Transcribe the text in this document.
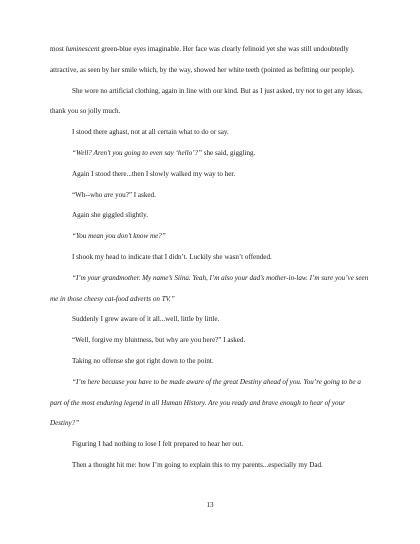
most luminescent green-blue eyes imaginable. Her face was clearly felinoid yet she was still undoubtedly attractive, as seen by her smile which, by the way, showed her white teeth (pointed as befitting our people).

She wore no artificial clothing, again in line with our kind. But as I just asked, try not to get any ideas, thank you so jolly much.

I stood there aghast, not at all certain what to do or say.

“Well? Aren’t you going to even say ‘hello’?” she said, giggling.

Again I stood there...then I slowly walked my way to her.

“Wh--who are you?” I asked.

Again she giggled slightly.

“You mean you don’t know me?”

I shook my head to indicate that I didn’t. Luckily she wasn’t offended.

“I’m your grandmother. My name’s Siina. Yeah, I’m also your dad’s mother-in-law. I’m sure you’ve seen me in those cheesy cat-food adverts on TV.”

Suddenly I grew aware of it all...well, little by little.

“Well, forgive my bluntness, but why are you here?” I asked.

Taking no offense she got right down to the point.

“I’m here because you have to be made aware of the great Destiny ahead of you. You’re going to be a part of the most enduring legend in all Human History. Are you ready and brave enough to hear of your Destiny?”

Figuring I had nothing to lose I felt prepared to hear her out.

Then a thought hit me: how I’m going to explain this to my parents...especially my Dad.

13
